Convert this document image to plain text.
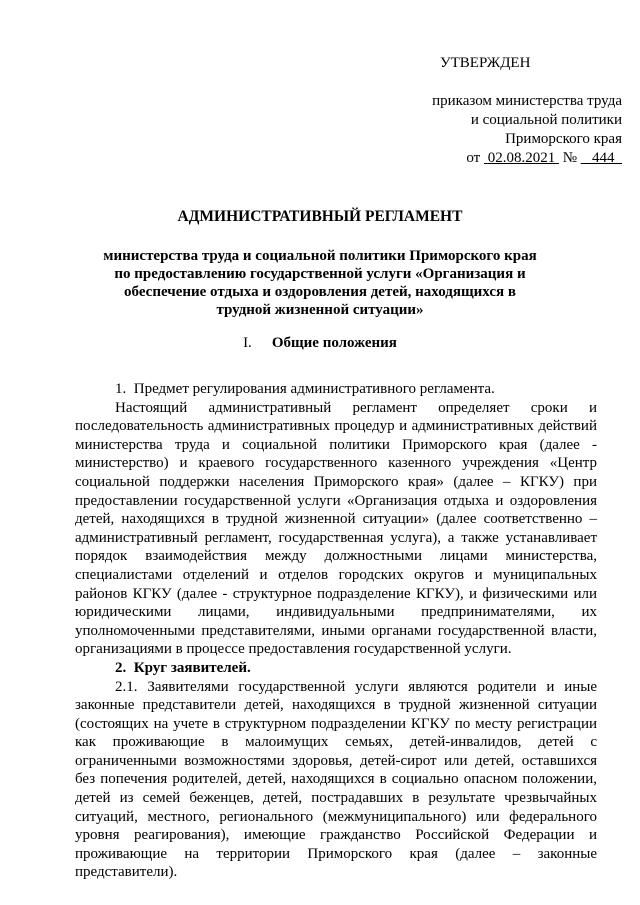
УТВЕРЖДЕН
приказом министерства труда
и социальной политики
Приморского края
от 02.08.2021 № 444
АДМИНИСТРАТИВНЫЙ РЕГЛАМЕНТ
министерства труда и социальной политики Приморского края
по предоставлению государственной услуги «Организация и
обеспечение отдыха и оздоровления детей, находящихся в
трудной жизненной ситуации»
I. Общие положения

1. Предмет регулирования административного регламента.

Настоящий административный регламент определяет сроки и последовательность административных процедур и административных действий министерства труда и социальной политики Приморского края (далее - министерство) и краевого государственного казенного учреждения «Центр социальной поддержки населения Приморского края» (далее – КГКУ) при предоставлении государственной услуги «Организация отдыха и оздоровления детей, находящихся в трудной жизненной ситуации» (далее соответственно – административный регламент, государственная услуга), а также устанавливает порядок взаимодействия между должностными лицами министерства, специалистами отделений и отделов городских округов и муниципальных районов КГКУ (далее - структурное подразделение КГКУ), и физическими или юридическими лицами, индивидуальными предпринимателями, их уполномоченными представителями, иными органами государственной власти, организациями в процессе предоставления государственной услуги.

2. Круг заявителей.

2.1. Заявителями государственной услуги являются родители и иные законные представители детей, находящихся в трудной жизненной ситуации (состоящих на учете в структурном подразделении КГКУ по месту регистрации как проживающие в малоимущих семьях, детей-инвалидов, детей с ограниченными возможностями здоровья, детей-сирот или детей, оставшихся без попечения родителей, детей, находящихся в социально опасном положении, детей из семей беженцев, детей, пострадавших в результате чрезвычайных ситуаций, местного, регионального (межмуниципального) или федерального уровня реагирования), имеющие гражданство Российской Федерации и проживающие на территории Приморского края (далее – законные представители).
